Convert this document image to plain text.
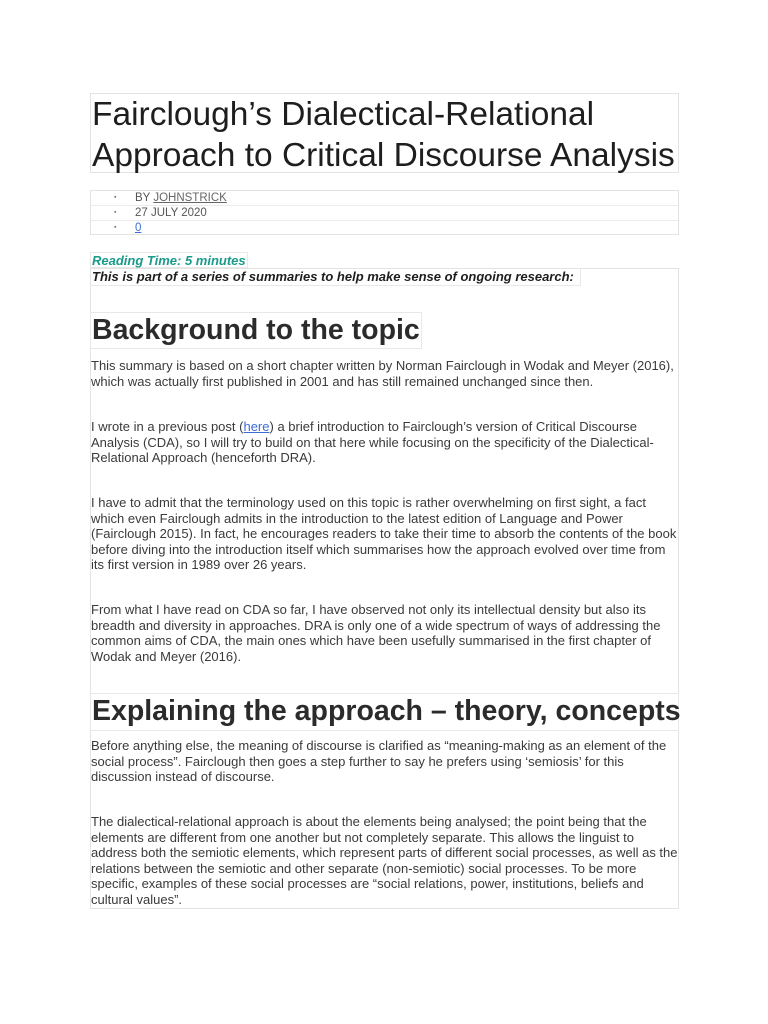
Fairclough’s Dialectical-Relational Approach to Critical Discourse Analysis
▪ BY JOHNSTRICK
▪ 27 JULY 2020
▪ 0
Reading Time: 5 minutes
This is part of a series of summaries to help make sense of ongoing research:
Background to the topic

This summary is based on a short chapter written by Norman Fairclough in Wodak and Meyer (2016), which was actually first published in 2001 and has still remained unchanged since then.

I wrote in a previous post (here) a brief introduction to Fairclough’s version of Critical Discourse Analysis (CDA), so I will try to build on that here while focusing on the specificity of the Dialectical-Relational Approach (henceforth DRA).

I have to admit that the terminology used on this topic is rather overwhelming on first sight, a fact which even Fairclough admits in the introduction to the latest edition of Language and Power (Fairclough 2015). In fact, he encourages readers to take their time to absorb the contents of the book before diving into the introduction itself which summarises how the approach evolved over time from its first version in 1989 over 26 years.

From what I have read on CDA so far, I have observed not only its intellectual density but also its breadth and diversity in approaches. DRA is only one of a wide spectrum of ways of addressing the common aims of CDA, the main ones which have been usefully summarised in the first chapter of Wodak and Meyer (2016).

Explaining the approach – theory, concepts

Before anything else, the meaning of discourse is clarified as “meaning-making as an element of the social process”. Fairclough then goes a step further to say he prefers using ‘semiosis’ for this discussion instead of discourse.

The dialectical-relational approach is about the elements being analysed; the point being that the elements are different from one another but not completely separate. This allows the linguist to address both the semiotic elements, which represent parts of different social processes, as well as the relations between the semiotic and other separate (non-semiotic) social processes. To be more specific, examples of these social processes are “social relations, power, institutions, beliefs and cultural values”.
